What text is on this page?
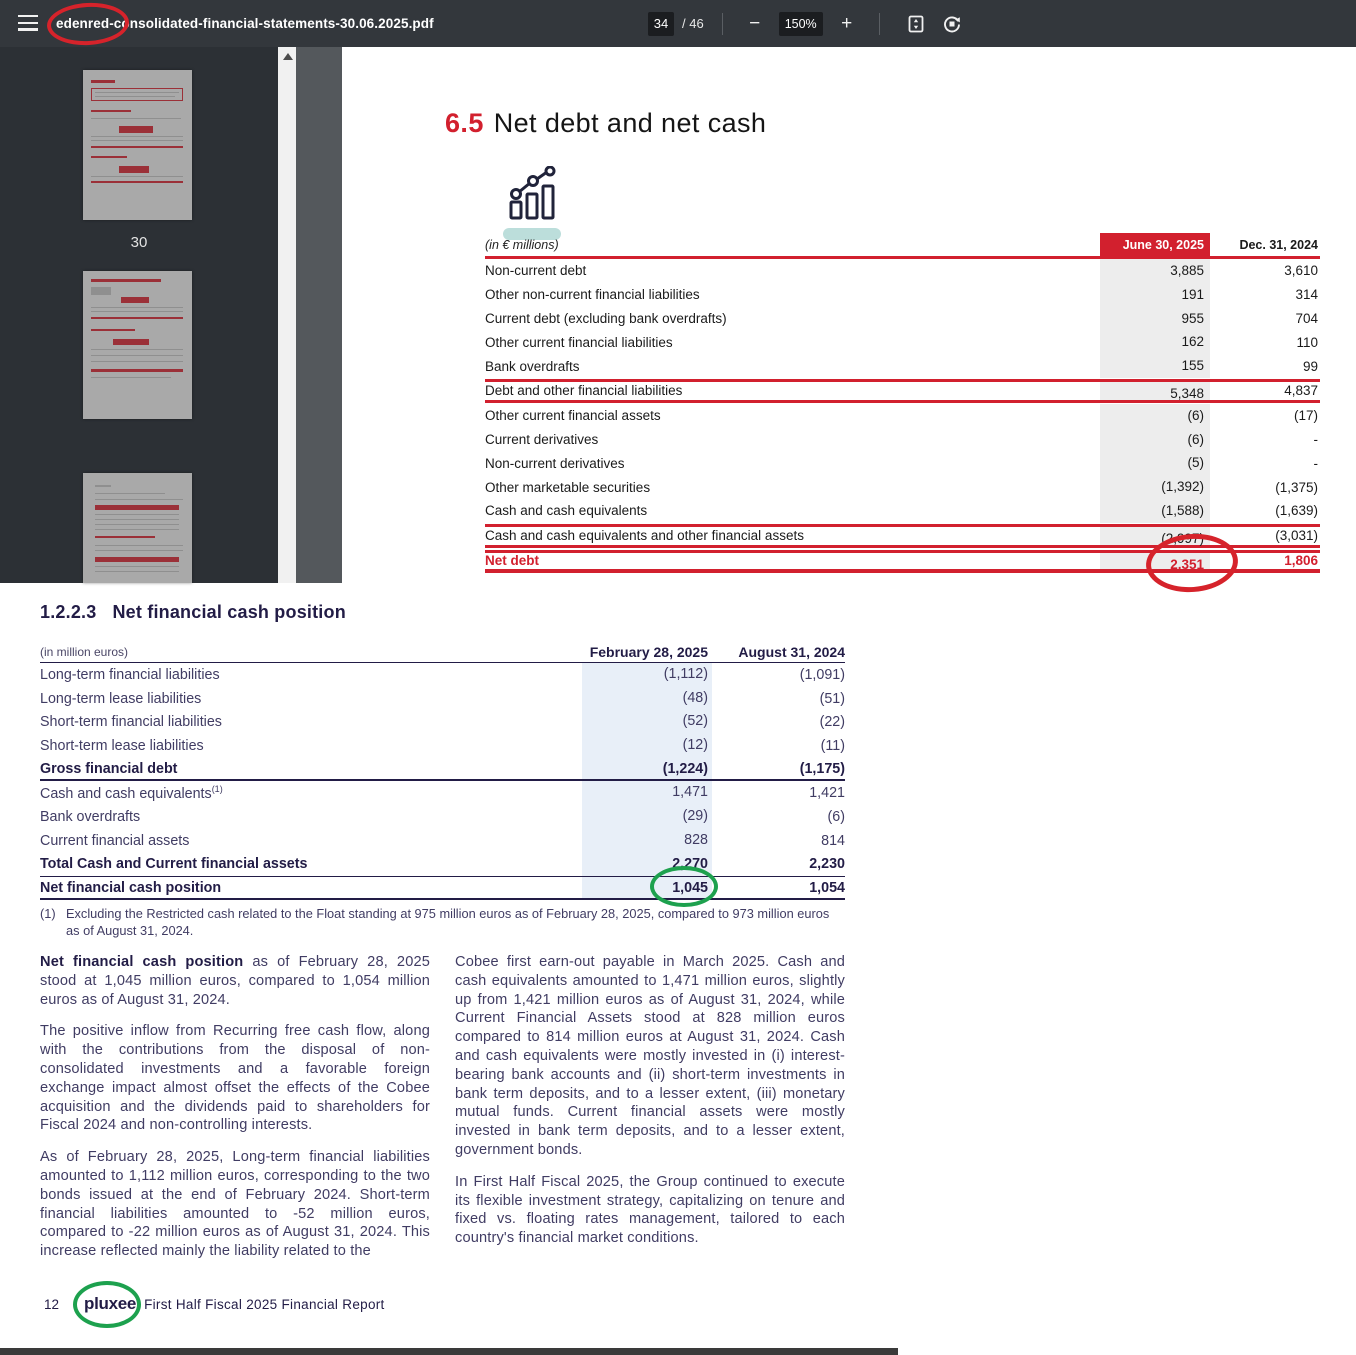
edenred-consolidated-financial-statements-30.06.2025.pdf	34	/ 46	−	150%	+
30
6.5 Net debt and net cash
(in € millions)	June 30, 2025	Dec. 31, 2024
Non-current debt	3,885	3,610
Other non-current financial liabilities	191	314
Current debt (excluding bank overdrafts)	955	704
Other current financial liabilities	162	110
Bank overdrafts	155	99
Debt and other financial liabilities	5,348	4,837
Other current financial assets	(6)	(17)
Current derivatives	(6)	-
Non-current derivatives	(5)	-
Other marketable securities	(1,392)	(1,375)
Cash and cash equivalents	(1,588)	(1,639)
Cash and cash equivalents and other financial assets	(2,997)	(3,031)
Net debt	2,351	1,806
1.2.2.3 Net financial cash position
(in million euros)	February 28, 2025	August 31, 2024
Long-term financial liabilities	(1,112)	(1,091)
Long-term lease liabilities	(48)	(51)
Short-term financial liabilities	(52)	(22)
Short-term lease liabilities	(12)	(11)
Gross financial debt	(1,224)	(1,175)
Cash and cash equivalents$^{(1)}$	1,471	1,421
Bank overdrafts	(29)	(6)
Current financial assets	828	814
Total Cash and Current financial assets	2,270	2,230
Net financial cash position	1,045	1,054
(1) Excluding the Restricted cash related to the Float standing at 975 million euros as of February 28, 2025, compared to 973 million euros as of August 31, 2024.

Net financial cash position as of February 28, 2025 stood at 1,045 million euros, compared to 1,054 million euros as of August 31, 2024.

The positive inflow from Recurring free cash flow, along with the contributions from the disposal of non-consolidated investments and a favorable foreign exchange impact almost offset the effects of the Cobee acquisition and the dividends paid to shareholders for Fiscal 2024 and non-controlling interests.

As of February 28, 2025, Long-term financial liabilities amounted to 1,112 million euros, corresponding to the two bonds issued at the end of February 2024. Short-term financial liabilities amounted to -52 million euros, compared to -22 million euros as of August 31, 2024. This increase reflected mainly the liability related to the

Cobee first earn-out payable in March 2025. Cash and cash equivalents amounted to 1,471 million euros, slightly up from 1,421 million euros as of August 31, 2024, while Current Financial Assets stood at 828 million euros compared to 814 million euros at August 31, 2024. Cash and cash equivalents were mostly invested in (i) interest-bearing bank accounts and (ii) short-term investments in bank term deposits, and to a lesser extent, (iii) monetary mutual funds. Current financial assets were mostly invested in bank term deposits, and to a lesser extent, government bonds.

In First Half Fiscal 2025, the Group continued to execute its flexible investment strategy, capitalizing on tenure and fixed vs. floating rates management, tailored to each country's financial market conditions.

12	pluxee First Half Fiscal 2025 Financial Report
